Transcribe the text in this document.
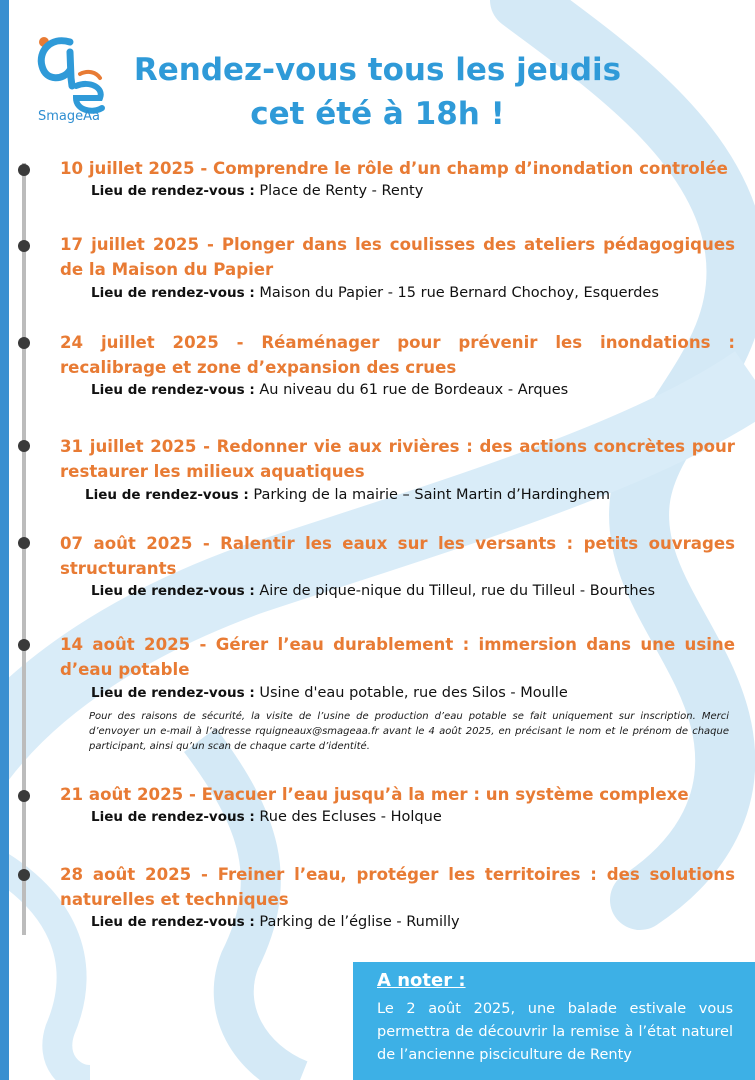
SmageAa
Rendez-vous tous les jeudis
cet été à 18h !
10 juillet 2025 - Comprendre le rôle d’un champ d’inondation controlée
Lieu de rendez-vous : Place de Renty - Renty
17 juillet 2025 - Plonger dans les coulisses des ateliers pédagogiques de la Maison du Papier
Lieu de rendez-vous : Maison du Papier - 15 rue Bernard Chochoy, Esquerdes
24 juillet 2025 - Réaménager pour prévenir les inondations : recalibrage et zone d’expansion des crues
Lieu de rendez-vous : Au niveau du 61 rue de Bordeaux - Arques
31 juillet 2025 - Redonner vie aux rivières : des actions concrètes pour restaurer les milieux aquatiques
Lieu de rendez-vous : Parking de la mairie – Saint Martin d’Hardinghem
07 août 2025 - Ralentir les eaux sur les versants : petits ouvrages structurants
Lieu de rendez-vous : Aire de pique-nique du Tilleul, rue du Tilleul - Bourthes
14 août 2025 - Gérer l’eau durablement : immersion dans une usine d’eau potable
Lieu de rendez-vous : Usine d'eau potable, rue des Silos - Moulle
Pour des raisons de sécurité, la visite de l’usine de production d’eau potable se fait uniquement sur inscription. Merci d’envoyer un e-mail à l’adresse rquigneaux@smageaa.fr avant le 4 août 2025, en précisant le nom et le prénom de chaque participant, ainsi qu’un scan de chaque carte d’identité.
21 août 2025 - Evacuer l’eau jusqu’à la mer : un système complexe
Lieu de rendez-vous : Rue des Ecluses - Holque
28 août 2025 - Freiner l’eau, protéger les territoires : des solutions naturelles et techniques
Lieu de rendez-vous : Parking de l’église - Rumilly
A noter :
Le 2 août 2025, une balade estivale vous permettra de découvrir la remise à l’état naturel de l’ancienne pisciculture de Renty
